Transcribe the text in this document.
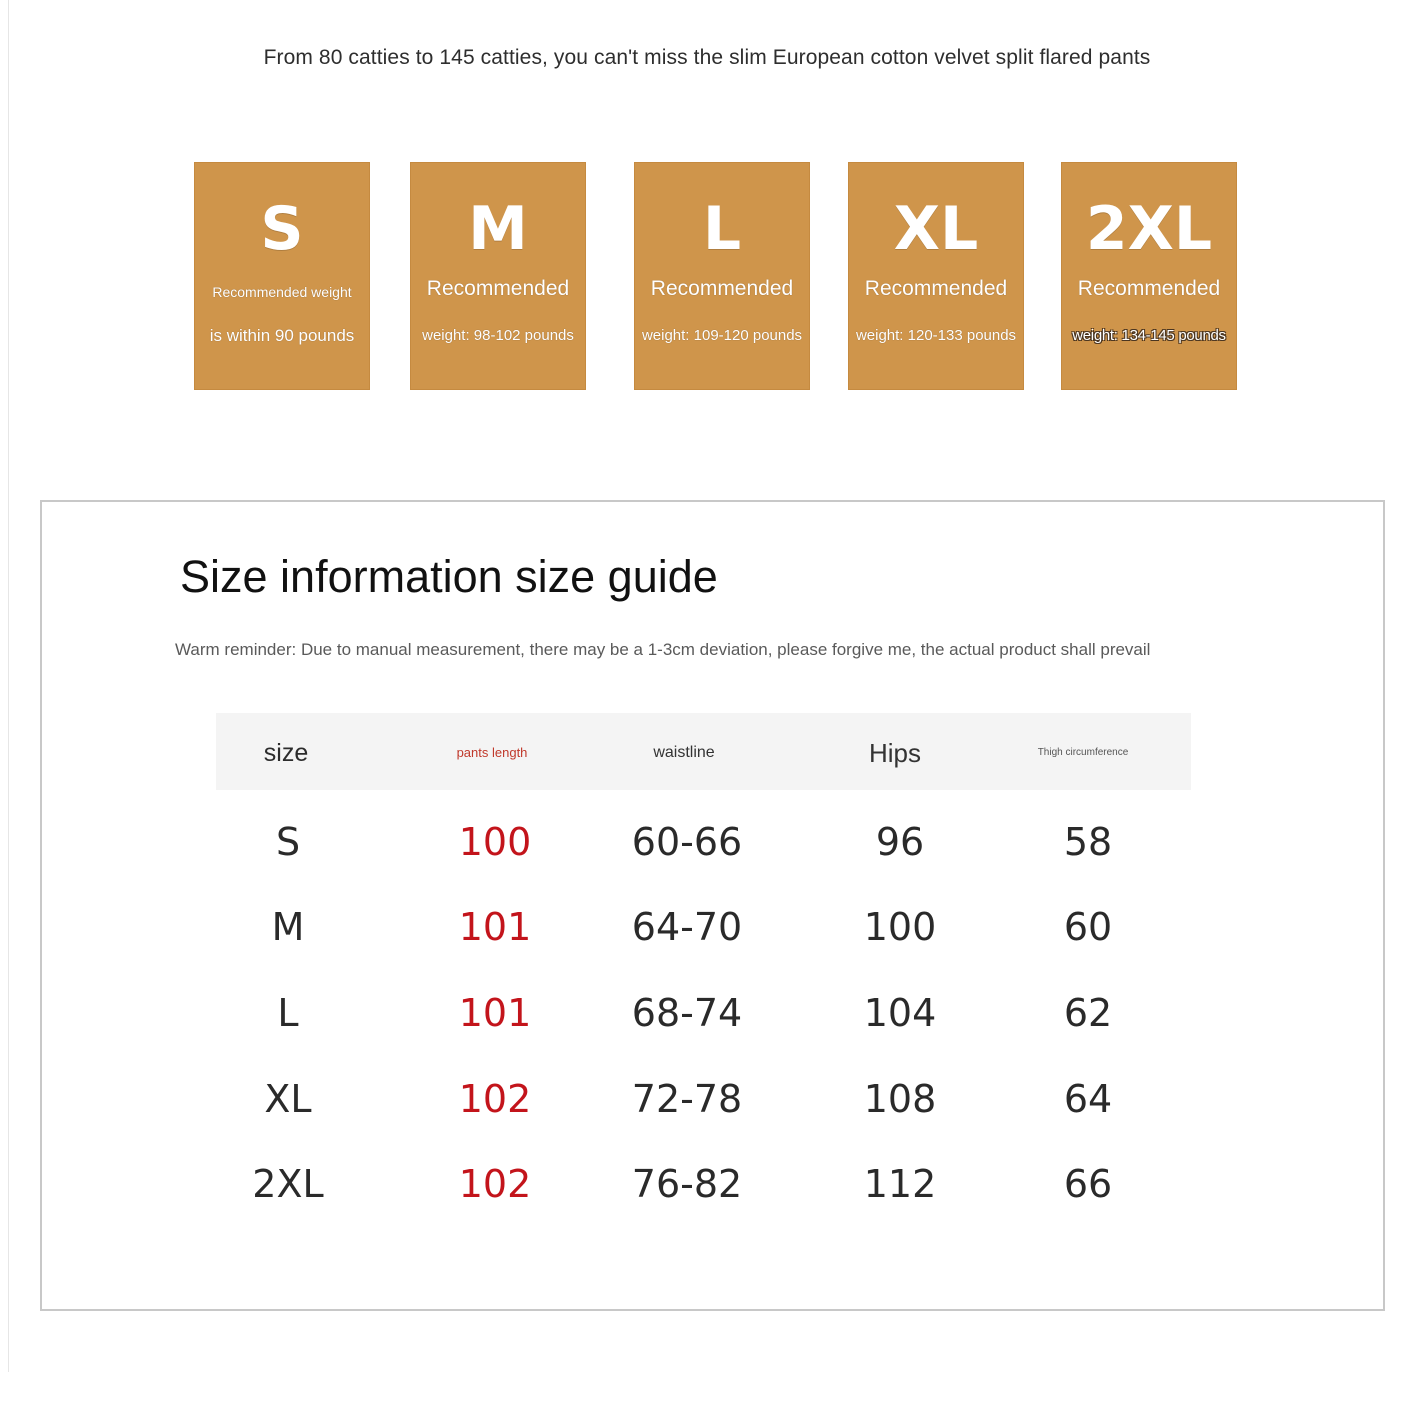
From 80 catties to 145 catties, you can't miss the slim European cotton velvet split flared pants
S
Recommended weight
is within 90 pounds
M
Recommended
weight: 98-102 pounds
L
Recommended
weight: 109-120 pounds
XL
Recommended
weight: 120-133 pounds
2XL
Recommended
weight: 134-145 pounds
Size information size guide
Warm reminder: Due to manual measurement, there may be a 1-3cm deviation, please forgive me, the actual product shall prevail
size	pants length	waistline	Hips	Thigh circumference
S	100	60-66	96	58
M	101	64-70	100	60
L	101	68-74	104	62
XL	102	72-78	108	64
2XL	102	76-82	112	66
